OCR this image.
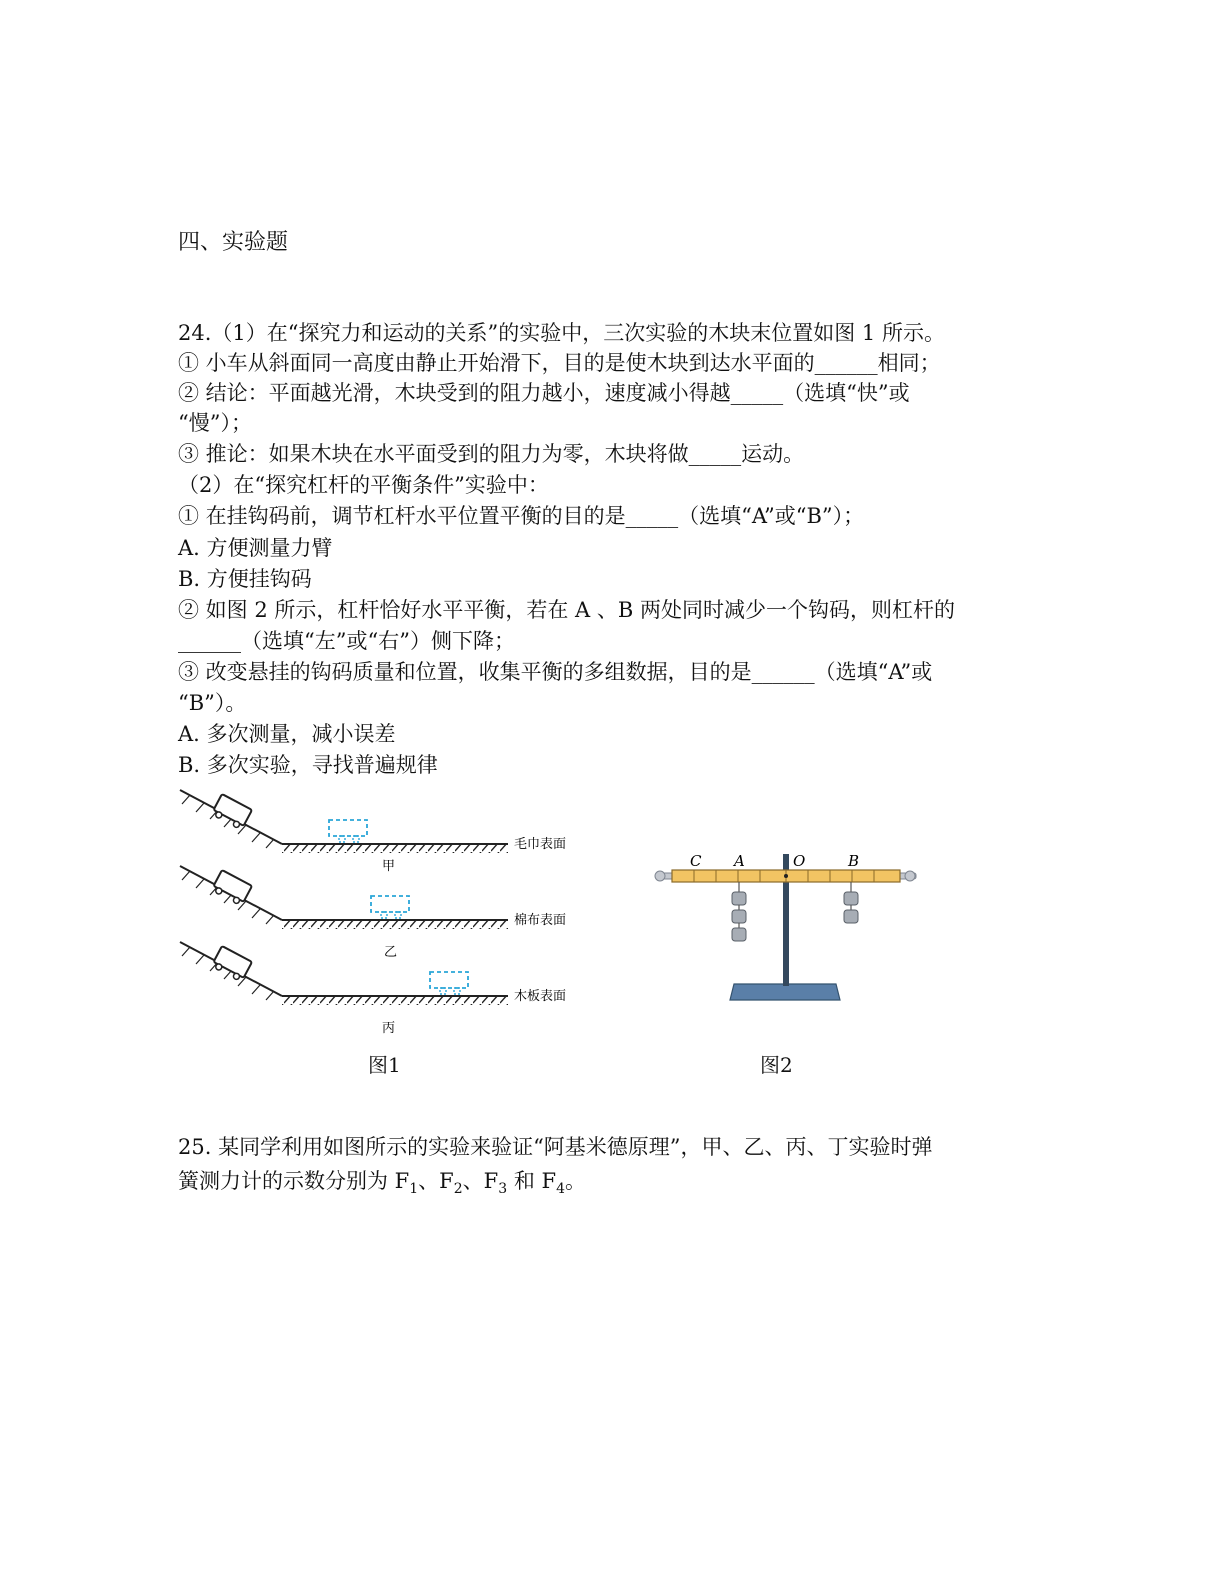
四、实验题
24.（1）在“探究力和运动的关系”的实验中，三次实验的木块末位置如图 1 所示。
① 小车从斜面同一高度由静止开始滑下，目的是使木块到达水平面的______相同；
② 结论：平面越光滑，木块受到的阻力越小，速度减小得越_____（选填“快”或
“慢”）；
③ 推论：如果木块在水平面受到的阻力为零，木块将做_____运动。
（2）在“探究杠杆的平衡条件”实验中：
① 在挂钩码前，调节杠杆水平位置平衡的目的是_____（选填“A”或“B”）；
A. 方便测量力臂
B. 方便挂钩码
② 如图 2 所示，杠杆恰好水平平衡，若在 A 、B 两处同时减少一个钩码，则杠杆的
______（选填“左”或“右”）侧下降；
③ 改变悬挂的钩码质量和位置，收集平衡的多组数据，目的是______（选填“A”或
“B”）。
A. 多次测量，减小误差
B. 多次实验，寻找普遍规律
毛巾表面
甲
棉布表面
乙
木板表面
丙
图1
C A	O	B
图2
25. 某同学利用如图所示的实验来验证“阿基米德原理”，甲、乙、丙、丁实验时弹
簧测力计的示数分别为 $F_1$、$F_2$、$F_3$ 和 $F_4$。
